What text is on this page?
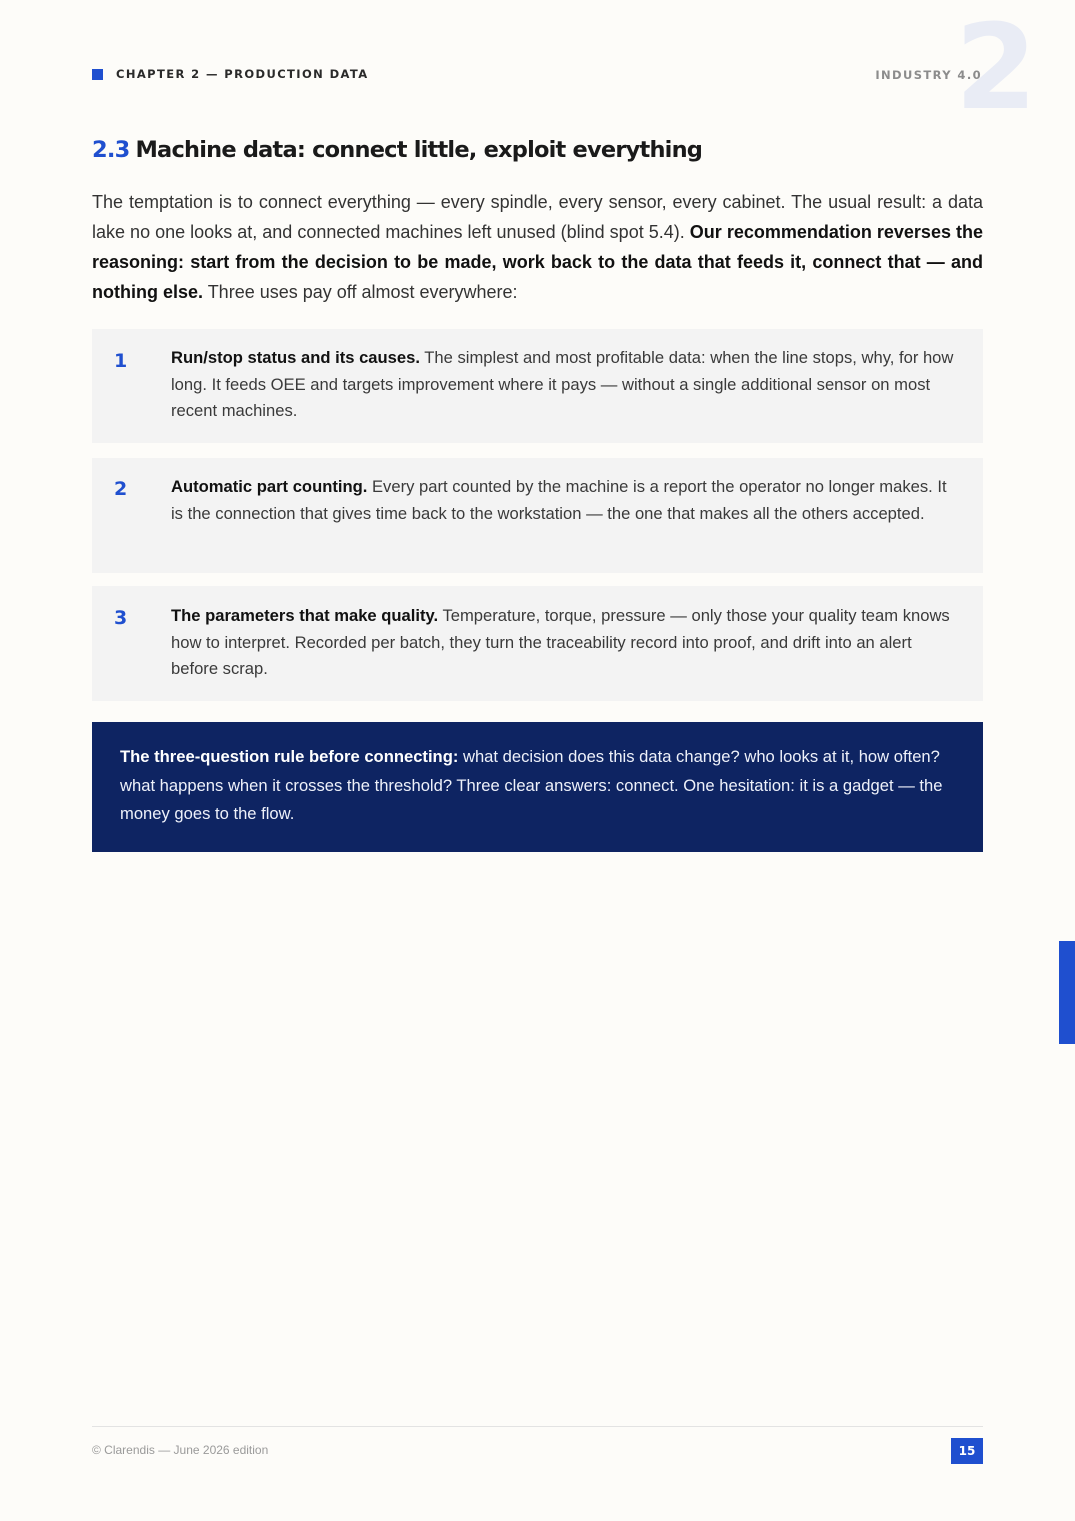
CHAPTER 2 — PRODUCTION DATA	2
INDUSTRY 4.0
2.3 Machine data: connect little, exploit everything

The temptation is to connect everything — every spindle, every sensor, every cabinet. The usual result: a data lake no one looks at, and connected machines left unused (blind spot 5.4). Our recommendation reverses the reasoning: start from the decision to be made, work back to the data that feeds it, connect that — and nothing else. Three uses pay off almost everywhere:

1	Run/stop status and its causes. The simplest and most profitable data: when the line stops, why, for how long. It feeds OEE and targets improvement where it pays — without a single additional sensor on most recent machines.

2	Automatic part counting. Every part counted by the machine is a report the operator no longer makes. It is the connection that gives time back to the workstation — the one that makes all the others accepted.

3	The parameters that make quality. Temperature, torque, pressure — only those your quality team knows how to interpret. Recorded per batch, they turn the traceability record into proof, and drift into an alert before scrap.

The three-question rule before connecting: what decision does this data change? who looks at it, how often? what happens when it crosses the threshold? Three clear answers: connect. One hesitation: it is a gadget — the money goes to the flow.

© Clarendis — June 2026 edition	15
